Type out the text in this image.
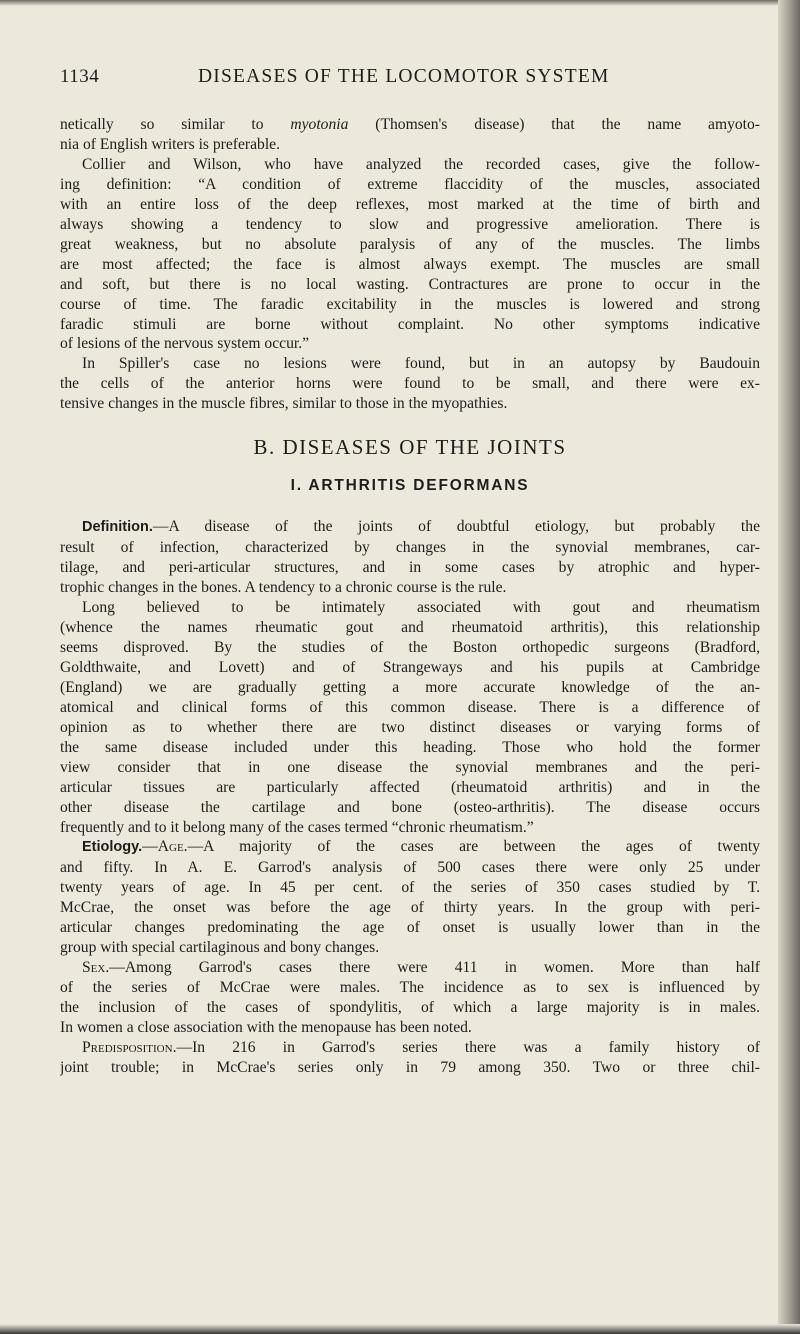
1134	DISEASES OF THE LOCOMOTOR SYSTEM
netically so similar to myotonia (Thomsen's disease) that the name amyoto-
nia of English writers is preferable.
Collier and Wilson, who have analyzed the recorded cases, give the follow-
ing definition: “A condition of extreme flaccidity of the muscles, associated
with an entire loss of the deep reflexes, most marked at the time of birth and
always showing a tendency to slow and progressive amelioration. There is
great weakness, but no absolute paralysis of any of the muscles. The limbs
are most affected; the face is almost always exempt. The muscles are small
and soft, but there is no local wasting. Contractures are prone to occur in the
course of time. The faradic excitability in the muscles is lowered and strong
faradic stimuli are borne without complaint. No other symptoms indicative
of lesions of the nervous system occur.”
In Spiller's case no lesions were found, but in an autopsy by Baudouin
the cells of the anterior horns were found to be small, and there were ex-
tensive changes in the muscle fibres, similar to those in the myopathies.
B. DISEASES OF THE JOINTS
I. ARTHRITIS DEFORMANS
Definition.—A disease of the joints of doubtful etiology, but probably the
result of infection, characterized by changes in the synovial membranes, car-
tilage, and peri-articular structures, and in some cases by atrophic and hyper-
trophic changes in the bones. A tendency to a chronic course is the rule.
Long believed to be intimately associated with gout and rheumatism
(whence the names rheumatic gout and rheumatoid arthritis), this relationship
seems disproved. By the studies of the Boston orthopedic surgeons (Bradford,
Goldthwaite, and Lovett) and of Strangeways and his pupils at Cambridge
(England) we are gradually getting a more accurate knowledge of the an-
atomical and clinical forms of this common disease. There is a difference of
opinion as to whether there are two distinct diseases or varying forms of
the same disease included under this heading. Those who hold the former
view consider that in one disease the synovial membranes and the peri-
articular tissues are particularly affected (rheumatoid arthritis) and in the
other disease the cartilage and bone (osteo-arthritis). The disease occurs
frequently and to it belong many of the cases termed “chronic rheumatism.”
Etiology.—Age.—A majority of the cases are between the ages of twenty
and fifty. In A. E. Garrod's analysis of 500 cases there were only 25 under
twenty years of age. In 45 per cent. of the series of 350 cases studied by T.
McCrae, the onset was before the age of thirty years. In the group with peri-
articular changes predominating the age of onset is usually lower than in the
group with special cartilaginous and bony changes.
Sex.—Among Garrod's cases there were 411 in women. More than half
of the series of McCrae were males. The incidence as to sex is influenced by
the inclusion of the cases of spondylitis, of which a large majority is in males.
In women a close association with the menopause has been noted.
Predisposition.—In 216 in Garrod's series there was a family history of
joint trouble; in McCrae's series only in 79 among 350. Two or three chil-
